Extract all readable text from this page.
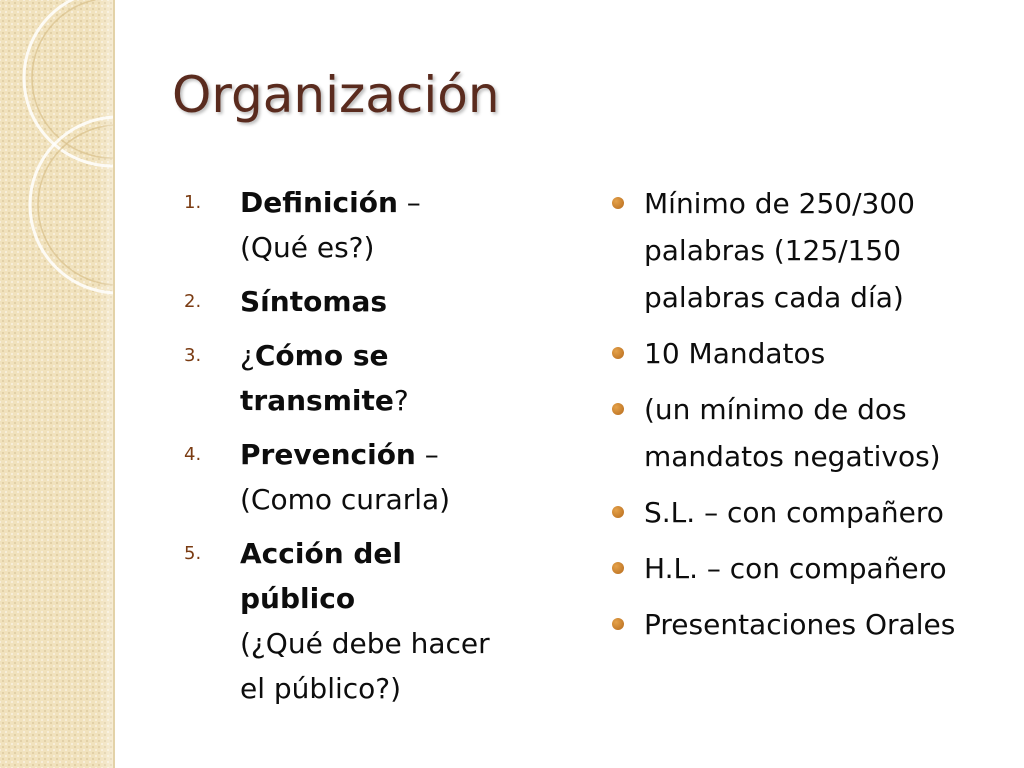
Organización
1.	Definición –
(Qué es?)
2.	Síntomas
3.	¿Cómo se
transmite?
4.	Prevención –
(Como curarla)
5.	Acción del
público
(¿Qué debe hacer
el público?)
Mínimo de 250/300
palabras (125/150
palabras cada día)
10 Mandatos
(un mínimo de dos
mandatos negativos)
S.L. – con compañero
H.L. – con compañero
Presentaciones Orales
